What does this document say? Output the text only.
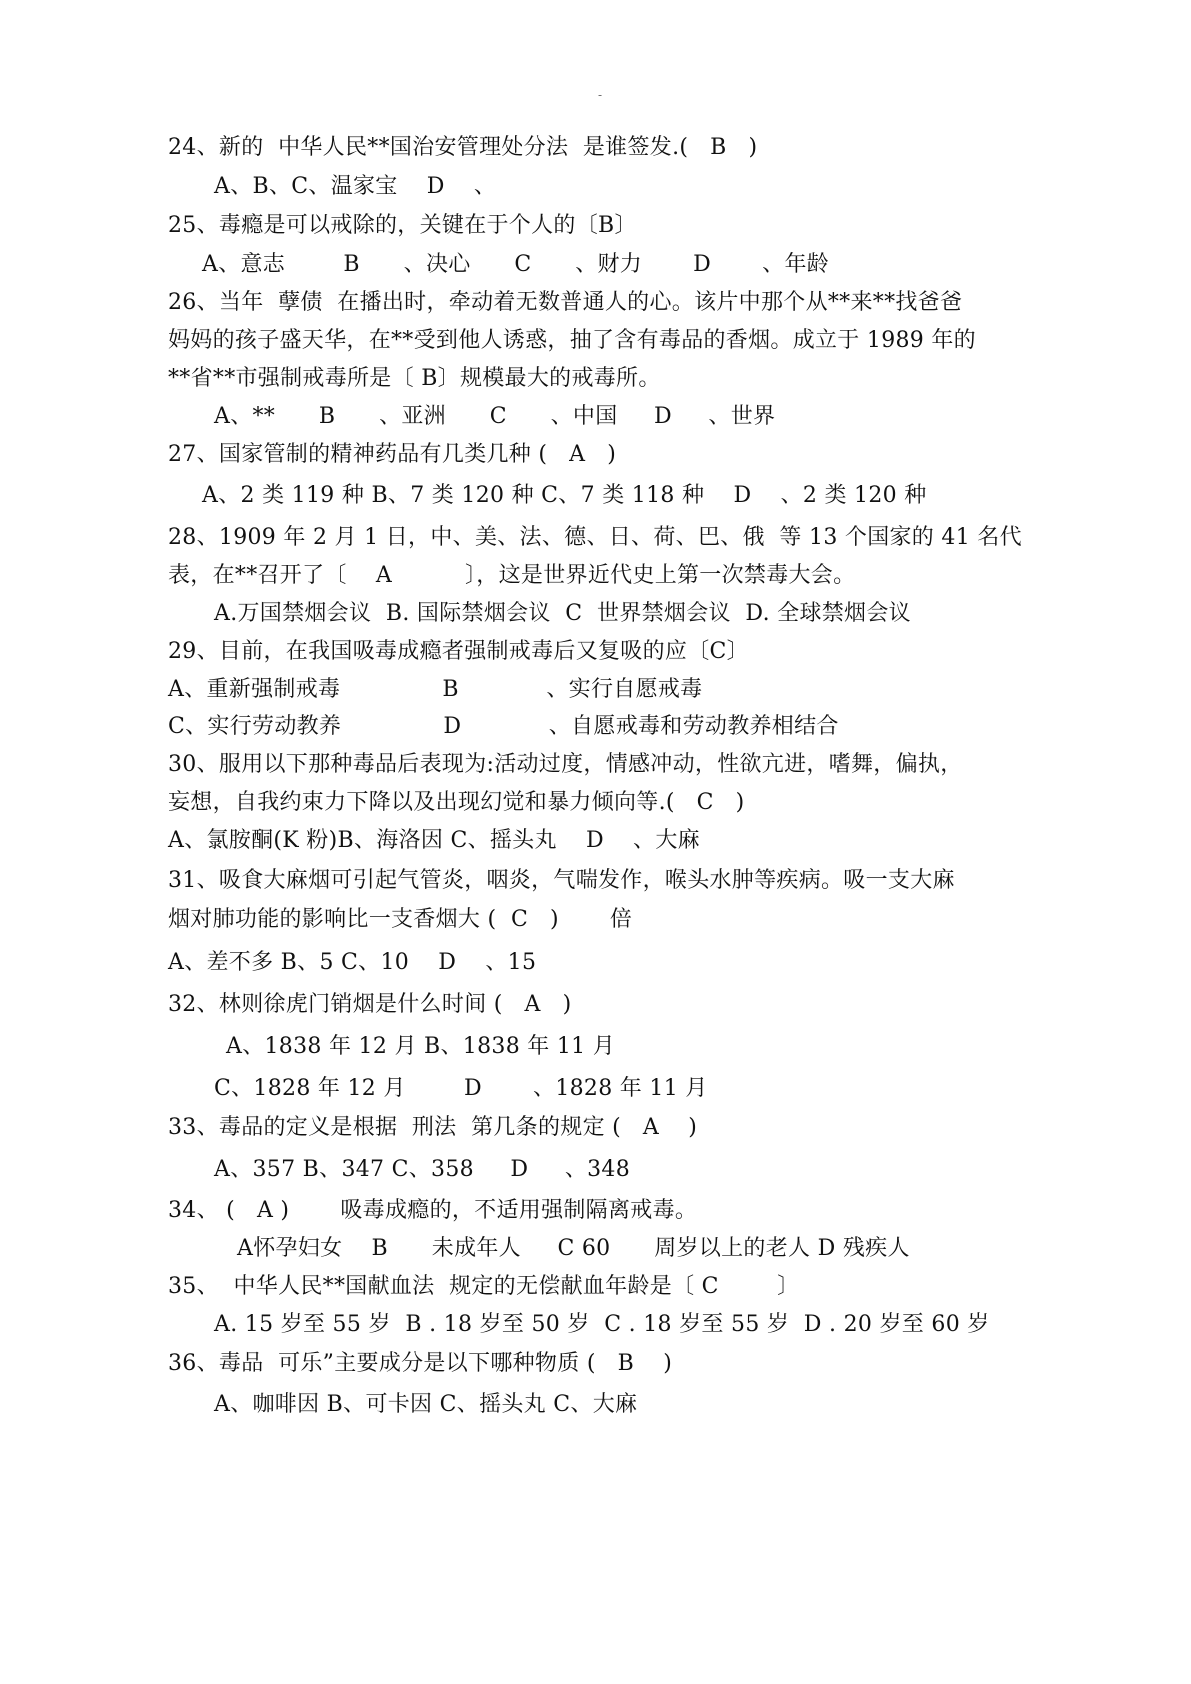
-
24、新的  中华人民**国治安管理处分法  是谁签发.(   B   )
A、B、C、温家宝    D    、
25、毒瘾是可以戒除的，关键在于个人的〔B〕
A、意志        B      、决心      C      、财力       D       、年龄
26、当年  孽债  在播出时，牵动着无数普通人的心。该片中那个从**来**找爸爸
妈妈的孩子盛天华，在**受到他人诱惑，抽了含有毒品的香烟。成立于 1989 年的
**省**市强制戒毒所是〔 B〕规模最大的戒毒所。
A、**      B      、亚洲      C      、中国     D     、世界
27、国家管制的精神药品有几类几种 (   A   )
A、2 类 119 种 B、7 类 120 种 C、7 类 118 种    D    、2 类 120 种
28、1909 年 2 月 1 日，中、美、法、德、日、荷、巴、俄  等 13 个国家的 41 名代
表，在**召开了〔    A          〕，这是世界近代史上第一次禁毒大会。
A.万国禁烟会议  B. 国际禁烟会议  C  世界禁烟会议  D. 全球禁烟会议
29、目前，在我国吸毒成瘾者强制戒毒后又复吸的应〔C〕
A、重新强制戒毒              B            、实行自愿戒毒
C、实行劳动教养              D            、自愿戒毒和劳动教养相结合
30、服用以下那种毒品后表现为:活动过度，情感冲动，性欲亢进，嗜舞，偏执，
妄想，自我约束力下降以及出现幻觉和暴力倾向等.(   C   )
A、氯胺酮(K 粉)B、海洛因 C、摇头丸    D    、大麻
31、吸食大麻烟可引起气管炎，咽炎，气喘发作，喉头水肿等疾病。吸一支大麻
烟对肺功能的影响比一支香烟大 (  C   )       倍
A、差不多 B、5 C、10    D    、15
32、林则徐虎门销烟是什么时间 (   A   )
A、1838 年 12 月 B、1838 年 11 月
C、1828 年 12 月        D       、1828 年 11 月
33、毒品的定义是根据  刑法  第几条的规定 (   A    )
A、357 B、347 C、358     D     、348
34、 (   A )       吸毒成瘾的，不适用强制隔离戒毒。
A怀孕妇女    B      未成年人     C 60      周岁以上的老人 D 残疾人
35、  中华人民**国献血法  规定的无偿献血年龄是〔 C        〕
A. 15 岁至 55 岁  B . 18 岁至 50 岁  C . 18 岁至 55 岁  D . 20 岁至 60 岁
36、毒品  可乐”主要成分是以下哪种物质 (   B    )
A、咖啡因 B、可卡因 C、摇头丸 C、大麻
